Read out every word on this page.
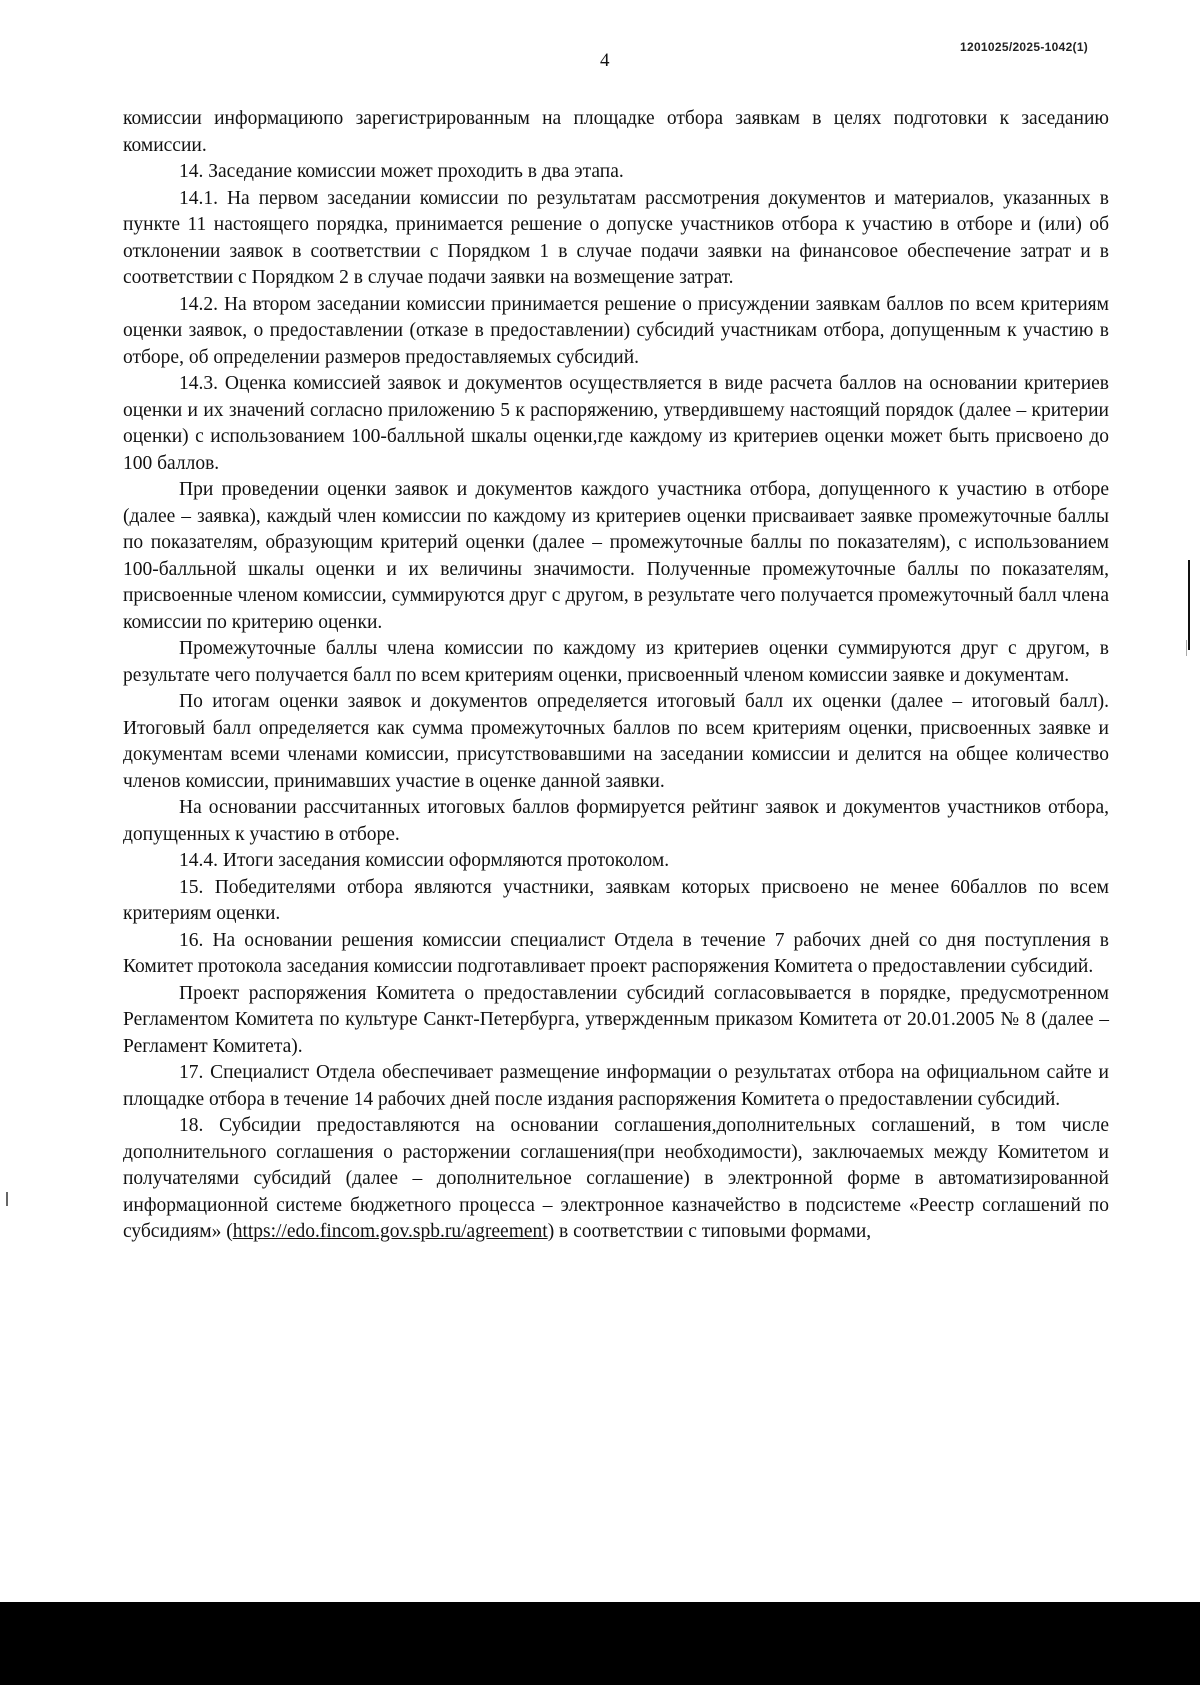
1201025/2025-1042(1)
4

комиссии информациюпо зарегистрированным на площадке отбора заявкам в целях подготовки к заседанию комиссии.

14. Заседание комиссии может проходить в два этапа.

14.1. На первом заседании комиссии по результатам рассмотрения документов и материалов, указанных в пункте 11 настоящего порядка, принимается решение о допуске участников отбора к участию в отборе и (или) об отклонении заявок в соответствии с Порядком 1 в случае подачи заявки на финансовое обеспечение затрат и в соответствии с Порядком 2 в случае подачи заявки на возмещение затрат.

14.2. На втором заседании комиссии принимается решение о присуждении заявкам баллов по всем критериям оценки заявок, о предоставлении (отказе в предоставлении) субсидий участникам отбора, допущенным к участию в отборе, об определении размеров предоставляемых субсидий.

14.3. Оценка комиссией заявок и документов осуществляется в виде расчета баллов на основании критериев оценки и их значений согласно приложению 5 к распоряжению, утвердившему настоящий порядок (далее – критерии оценки) с использованием 100-балльной шкалы оценки,где каждому из критериев оценки может быть присвоено до 100 баллов.

При проведении оценки заявок и документов каждого участника отбора, допущенного к участию в отборе (далее – заявка), каждый член комиссии по каждому из критериев оценки присваивает заявке промежуточные баллы по показателям, образующим критерий оценки (далее – промежуточные баллы по показателям), с использованием 100-балльной шкалы оценки и их величины значимости. Полученные промежуточные баллы по показателям, присвоенные членом комиссии, суммируются друг с другом, в результате чего получается промежуточный балл члена комиссии по критерию оценки.

Промежуточные баллы члена комиссии по каждому из критериев оценки суммируются друг с другом, в результате чего получается балл по всем критериям оценки, присвоенный членом комиссии заявке и документам.

По итогам оценки заявок и документов определяется итоговый балл их оценки (далее – итоговый балл). Итоговый балл определяется как сумма промежуточных баллов по всем критериям оценки, присвоенных заявке и документам всеми членами комиссии, присутствовавшими на заседании комиссии и делится на общее количество членов комиссии, принимавших участие в оценке данной заявки.

На основании рассчитанных итоговых баллов формируется рейтинг заявок и документов участников отбора, допущенных к участию в отборе.

14.4. Итоги заседания комиссии оформляются протоколом.

15. Победителями отбора являются участники, заявкам которых присвоено не менее 60баллов по всем критериям оценки.

16. На основании решения комиссии специалист Отдела в течение 7 рабочих дней со дня поступления в Комитет протокола заседания комиссии подготавливает проект распоряжения Комитета о предоставлении субсидий.

Проект распоряжения Комитета о предоставлении субсидий согласовывается в порядке, предусмотренном Регламентом Комитета по культуре Санкт-Петербурга, утвержденным приказом Комитета от 20.01.2005 № 8 (далее – Регламент Комитета).

17. Специалист Отдела обеспечивает размещение информации о результатах отбора на официальном сайте и площадке отбора в течение 14 рабочих дней после издания распоряжения Комитета о предоставлении субсидий.

18. Субсидии предоставляются на основании соглашения,дополнительных соглашений, в том числе дополнительного соглашения о расторжении соглашения(при необходимости), заключаемых между Комитетом и получателями субсидий (далее – дополнительное соглашение) в электронной форме в автоматизированной информационной системе бюджетного процесса – электронное казначейство в подсистеме «Реестр соглашений по субсидиям» (https://edo.fincom.gov.spb.ru/agreement) в соответствии с типовыми формами,
